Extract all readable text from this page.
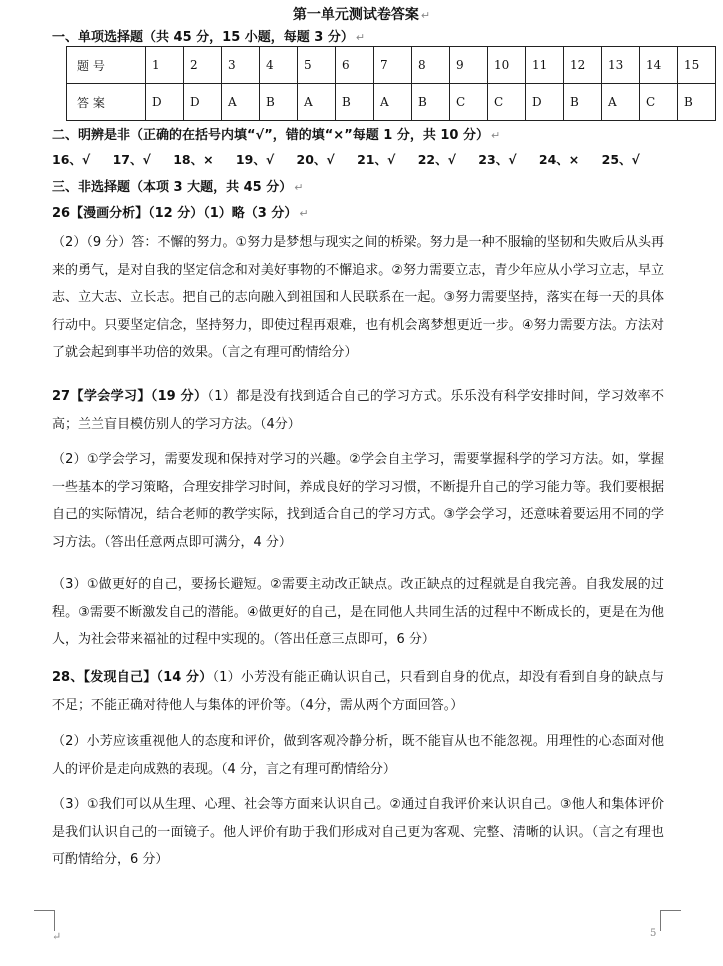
第一单元测试卷答案 ↵
一、单项选择题（共 45 分，15 小题，每题 3 分） ↵
题 号	1	2	3	4	5	6	7	8	9	10	11	12	13	14	15
答 案	D	D	A	B	A	B	A	B	C	C	D	B	A	C	B
二、明辨是非（正确的在括号内填“√”，错的填“×”每题 1 分，共 10 分） ↵
16、√ 17、√ 18、× 19、√ 20、√ 21、√ 22、√ 23、√ 24、× 25、√
三、非选择题（本项 3 大题，共 45 分） ↵
26【漫画分析】（12 分）（1）略（3 分） ↵
（2）（9 分）答：不懈的努力。①努力是梦想与现实之间的桥梁。努力是一种不服输的坚韧和失败后从头再来的勇气，是对自我的坚定信念和对美好事物的不懈追求。②努力需要立志，青少年应从小学习立志，早立志、立大志、立长志。把自己的志向融入到祖国和人民联系在一起。③努力需要坚持，落实在每一天的具体行动中。只要坚定信念，坚持努力，即使过程再艰难，也有机会离梦想更近一步。④努力需要方法。方法对了就会起到事半功倍的效果。（言之有理可酌情给分）
27【学会学习】（19 分）（1）都是没有找到适合自己的学习方式。乐乐没有科学安排时间，学习效率不高；兰兰盲目模仿别人的学习方法。（4分）
（2）①学会学习，需要发现和保持对学习的兴趣。②学会自主学习，需要掌握科学的学习方法。如，掌握一些基本的学习策略，合理安排学习时间，养成良好的学习习惯，不断提升自己的学习能力等。我们要根据自己的实际情况，结合老师的教学实际，找到适合自己的学习方式。③学会学习，还意味着要运用不同的学习方法。（答出任意两点即可满分，4 分）
（3）①做更好的自己，要扬长避短。②需要主动改正缺点。改正缺点的过程就是自我完善。自我发展的过程。③需要不断激发自己的潜能。④做更好的自己，是在同他人共同生活的过程中不断成长的，更是在为他人，为社会带来福祉的过程中实现的。（答出任意三点即可，6 分）
28、【发现自己】（14 分）（1）小芳没有能正确认识自己，只看到自身的优点，却没有看到自身的缺点与不足；不能正确对待他人与集体的评价等。（4分，需从两个方面回答。）
（2）小芳应该重视他人的态度和评价，做到客观冷静分析，既不能盲从也不能忽视。用理性的心态面对他人的评价是走向成熟的表现。（4 分，言之有理可酌情给分）
（3）①我们可以从生理、心理、社会等方面来认识自己。②通过自我评价来认识自己。③他人和集体评价是我们认识自己的一面镜子。他人评价有助于我们形成对自己更为客观、完整、清晰的认识。（言之有理也可酌情给分，6 分）
↵	5
